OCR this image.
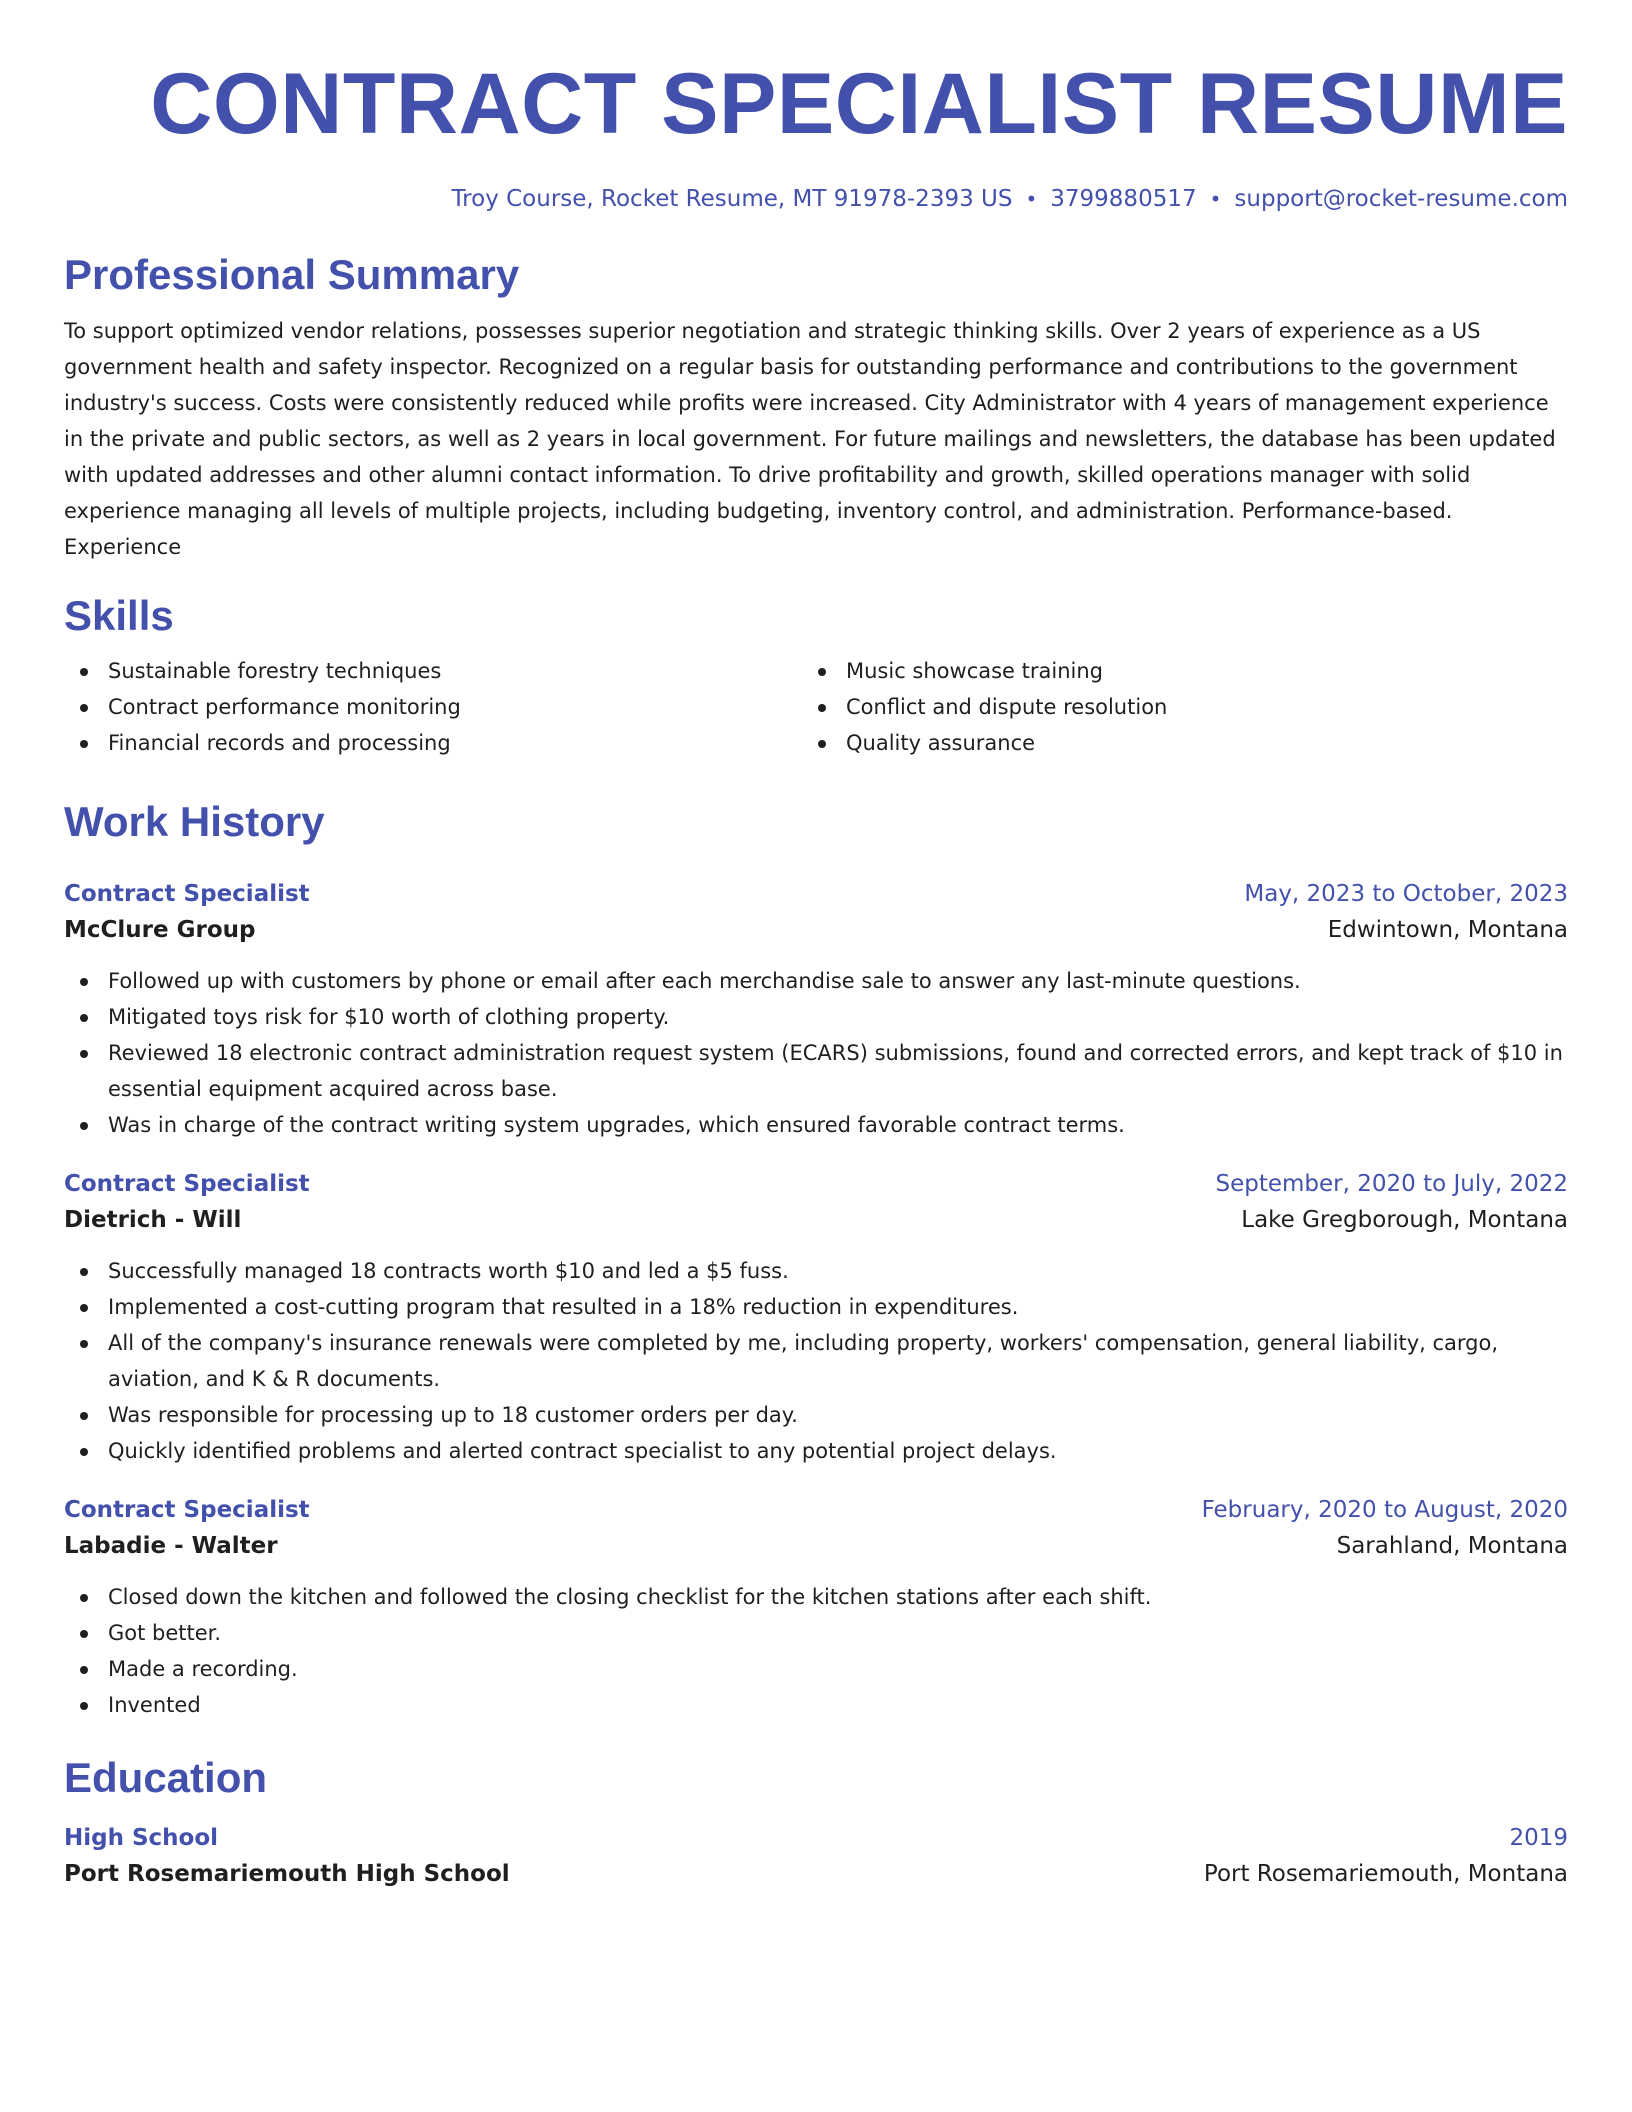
CONTRACT SPECIALIST RESUME
Troy Course, Rocket Resume, MT 91978-2393 US • 3799880517 • support@rocket-resume.com
Professional Summary

To support optimized vendor relations, possesses superior negotiation and strategic thinking skills. Over 2 years of experience as a US government health and safety inspector. Recognized on a regular basis for outstanding performance and contributions to the government industry's success. Costs were consistently reduced while profits were increased. City Administrator with 4 years of management experience in the private and public sectors, as well as 2 years in local government. For future mailings and newsletters, the database has been updated with updated addresses and other alumni contact information. To drive profitability and growth, skilled operations manager with solid experience managing all levels of multiple projects, including budgeting, inventory control, and administration. Performance-based. Experience

Skills
Sustainable forestry techniques
Contract performance monitoring
Financial records and processing
Music showcase training
Conflict and dispute resolution
Quality assurance
Work History
Contract Specialist	May, 2023 to October, 2023
McClure Group	Edwintown, Montana
Followed up with customers by phone or email after each merchandise sale to answer any last-minute questions.
Mitigated toys risk for $10 worth of clothing property.
Reviewed 18 electronic contract administration request system (ECARS) submissions, found and corrected errors, and kept track of $10 in essential equipment acquired across base.
Was in charge of the contract writing system upgrades, which ensured favorable contract terms.
Contract Specialist	September, 2020 to July, 2022
Dietrich - Will	Lake Gregborough, Montana
Successfully managed 18 contracts worth $10 and led a $5 fuss.
Implemented a cost-cutting program that resulted in a 18% reduction in expenditures.
All of the company's insurance renewals were completed by me, including property, workers' compensation, general liability, cargo, aviation, and K & R documents.
Was responsible for processing up to 18 customer orders per day.
Quickly identified problems and alerted contract specialist to any potential project delays.
Contract Specialist	February, 2020 to August, 2020
Labadie - Walter	Sarahland, Montana
Closed down the kitchen and followed the closing checklist for the kitchen stations after each shift.
Got better.
Made a recording.
Invented
Education
High School	2019
Port Rosemariemouth High School	Port Rosemariemouth, Montana
